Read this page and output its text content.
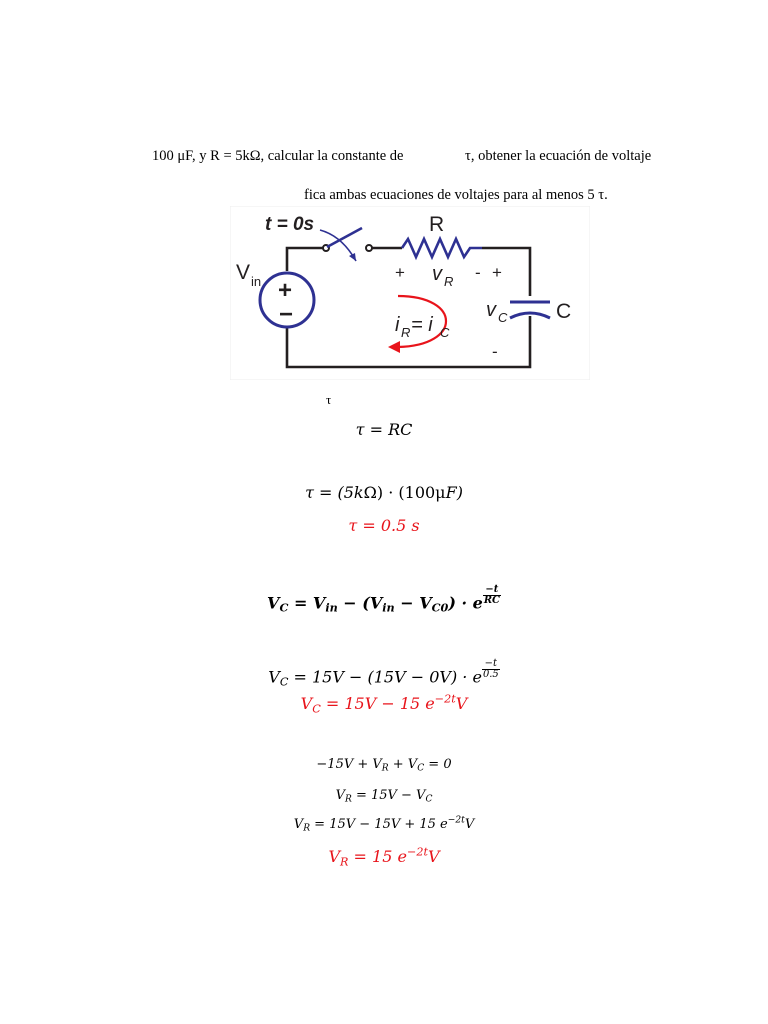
100 μF, y R = 5kΩ, calcular la constante de	τ, obtener la ecuación de voltaje
fica ambas ecuaciones de voltajes para al menos 5 τ.
t = 0s	R
V in +
−
+ v R - +
v C
-
C
i R = i C
τ
τ = RC
τ = (5kΩ) · (100μF)
τ = 0.5 s
$V_C = V_{in} - (V_{in} - V_{C0}) \cdot e \frac{-t}{RC}$
$V_C = 15V - (15V - 0V) \cdot e \frac{-t}{0.5}$
$V_C = 15V - 15$ $e^{-2t}V$
$-15V + V_R + V_C = 0$
$V_R = 15V - V_C$
$V_R = 15V - 15V + 15$ $e^{-2t}V$
$V_R = 15$ $e^{-2t}V$
